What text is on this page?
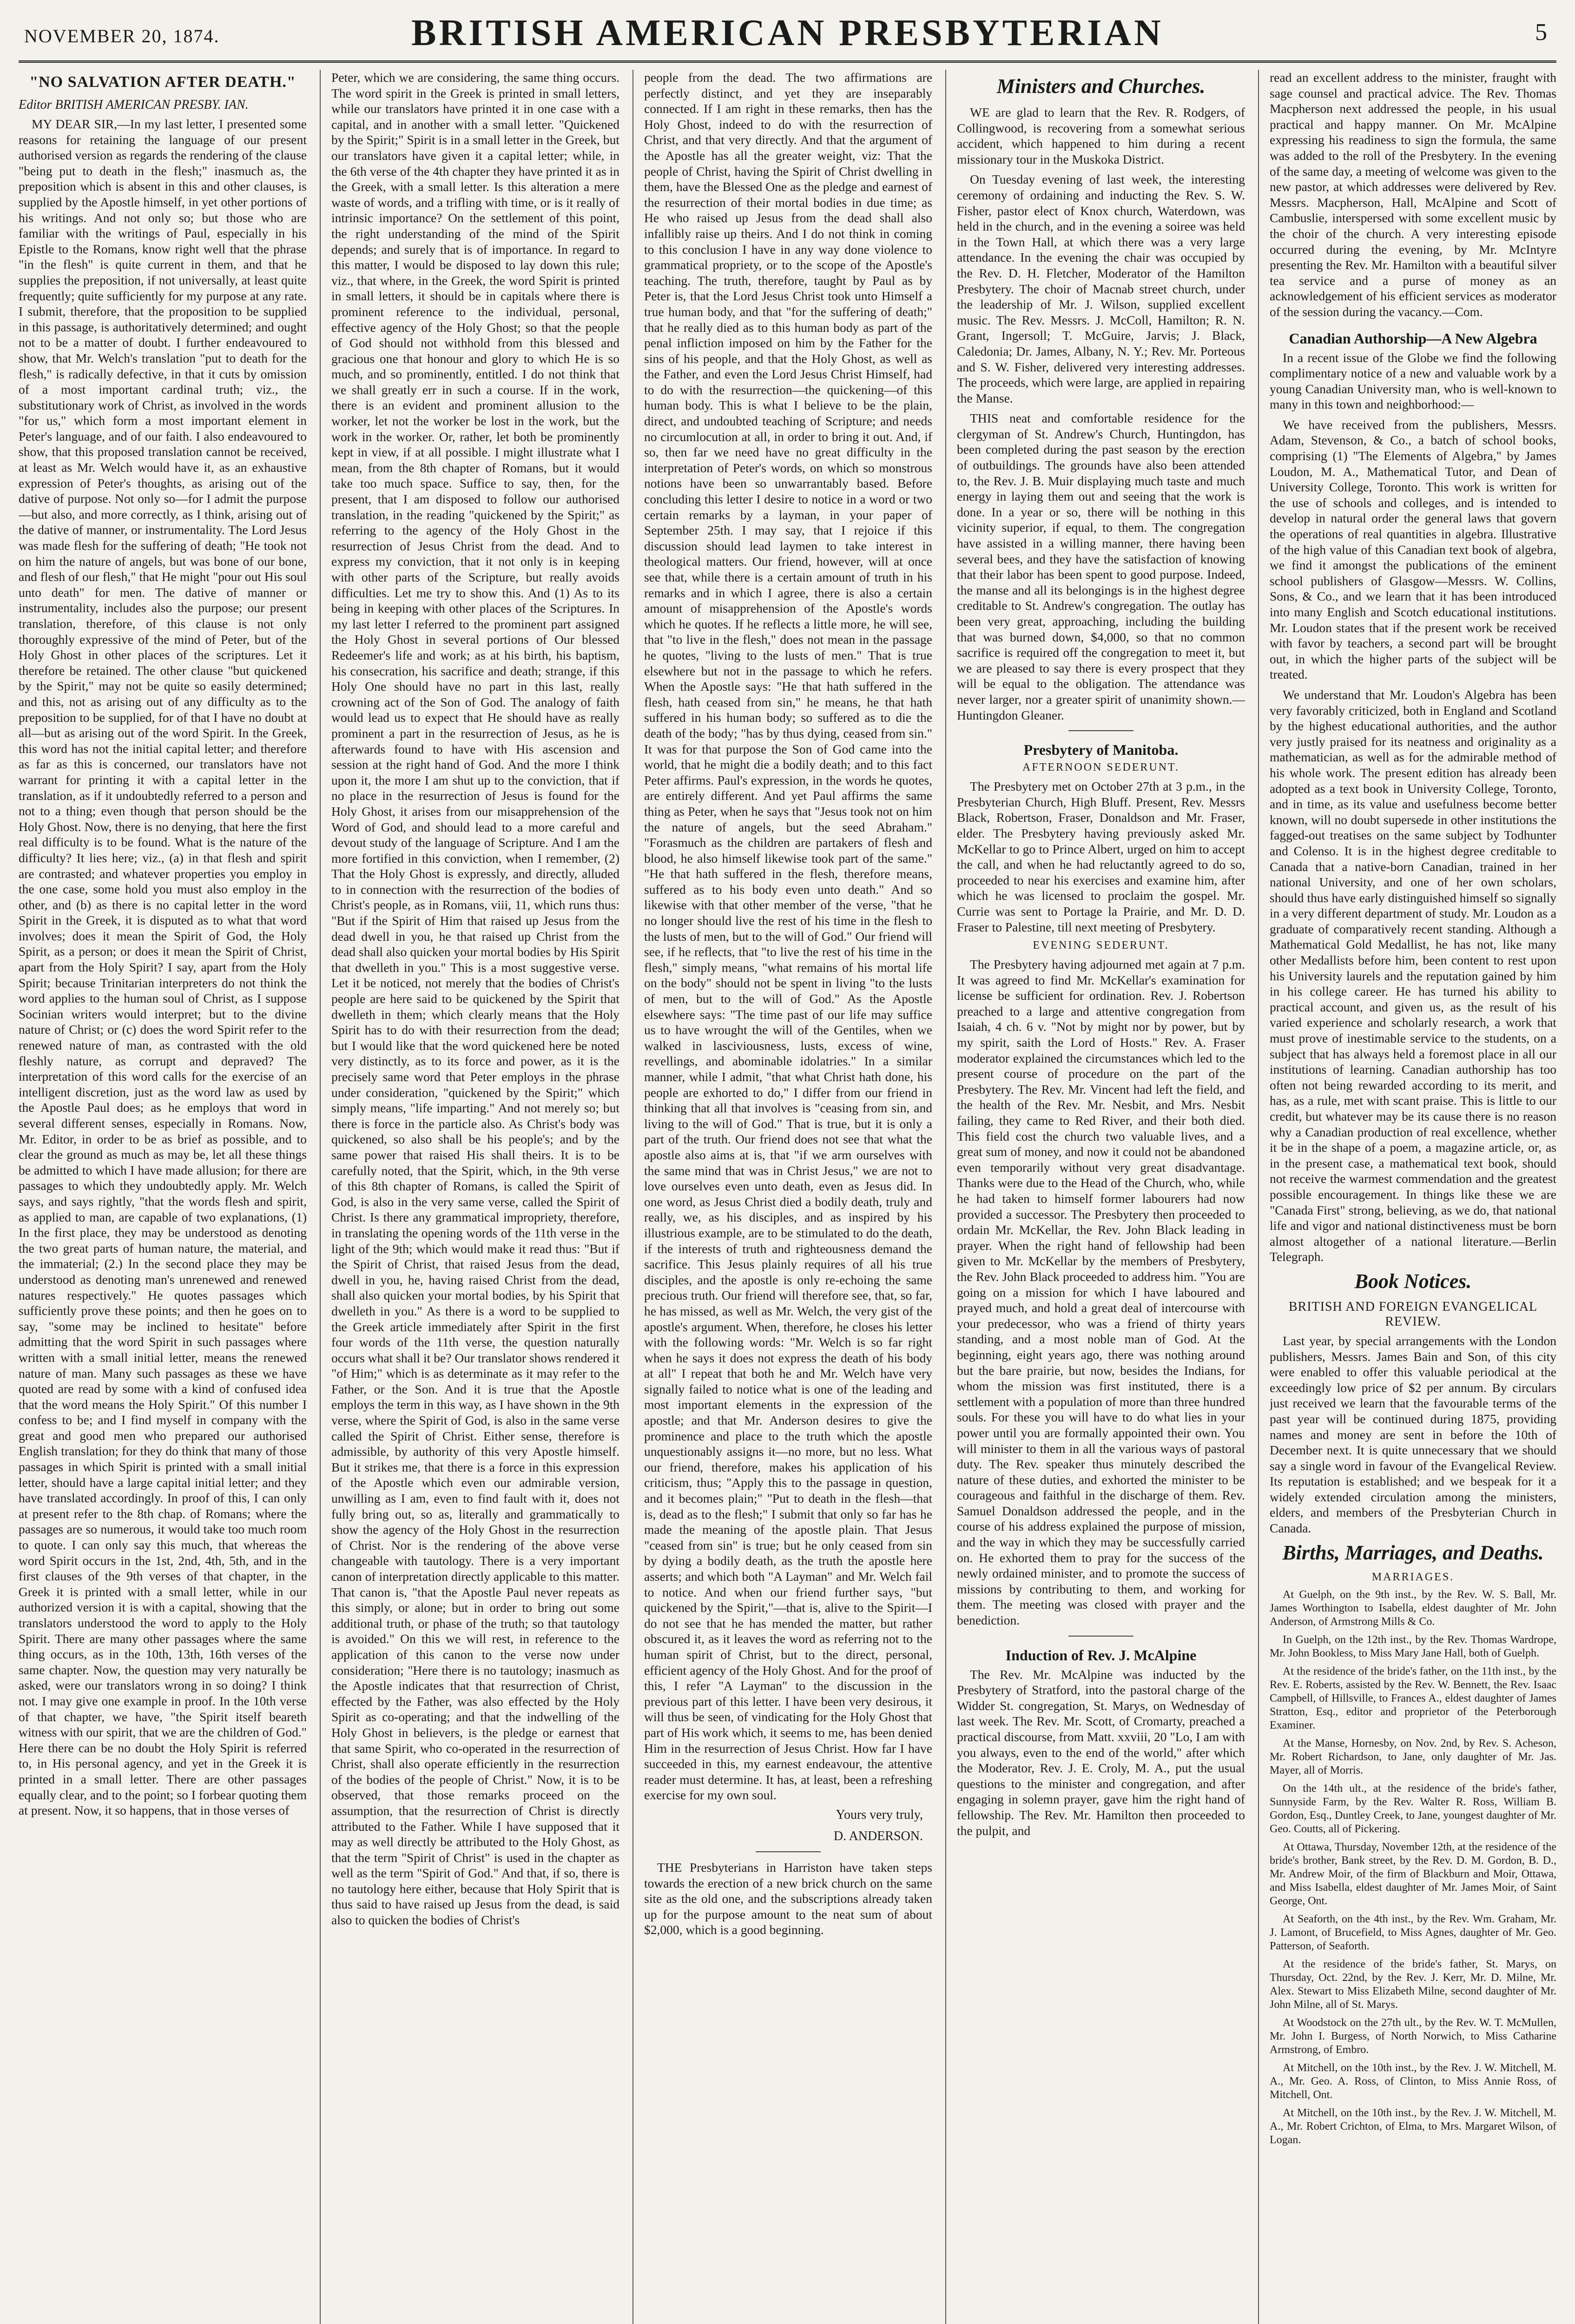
NOVEMBER 20, 1874.	BRITISH AMERICAN PRESBYTERIAN	5
"NO SALVATION AFTER DEATH."
Editor BRITISH AMERICAN PRESBY. IAN.

MY DEAR SIR,—In my last letter, I presented some reasons for retaining the language of our present authorised version as regards the rendering of the clause "being put to death in the flesh;" inasmuch as, the preposition which is absent in this and other clauses, is supplied by the Apostle himself, in yet other portions of his writings. And not only so; but those who are familiar with the writings of Paul, especially in his Epistle to the Romans, know right well that the phrase "in the flesh" is quite current in them, and that he supplies the preposition, if not universally, at least quite frequently; quite sufficiently for my purpose at any rate. I submit, therefore, that the proposition to be supplied in this passage, is authoritatively determined; and ought not to be a matter of doubt. I further endeavoured to show, that Mr. Welch's translation "put to death for the flesh," is radically defective, in that it cuts by omission of a most important cardinal truth; viz., the substitutionary work of Christ, as involved in the words "for us," which form a most important element in Peter's language, and of our faith. I also endeavoured to show, that this proposed translation cannot be received, at least as Mr. Welch would have it, as an exhaustive expression of Peter's thoughts, as arising out of the dative of purpose. Not only so—for I admit the purpose—but also, and more correctly, as I think, arising out of the dative of manner, or instrumentality. The Lord Jesus was made flesh for the suffering of death; "He took not on him the nature of angels, but was bone of our bone, and flesh of our flesh," that He might "pour out His soul unto death" for men. The dative of manner or instrumentality, includes also the purpose; our present translation, therefore, of this clause is not only thoroughly expressive of the mind of Peter, but of the Holy Ghost in other places of the scriptures. Let it therefore be retained. The other clause "but quickened by the Spirit," may not be quite so easily determined; and this, not as arising out of any difficulty as to the preposition to be supplied, for of that I have no doubt at all—but as arising out of the word Spirit. In the Greek, this word has not the initial capital letter; and therefore as far as this is concerned, our translators have not warrant for printing it with a capital letter in the translation, as if it undoubtedly referred to a person and not to a thing; even though that person should be the Holy Ghost. Now, there is no denying, that here the first real difficulty is to be found. What is the nature of the difficulty? It lies here; viz., (a) in that flesh and spirit are contrasted; and whatever properties you employ in the one case, some hold you must also employ in the other, and (b) as there is no capital letter in the word Spirit in the Greek, it is disputed as to what that word involves; does it mean the Spirit of God, the Holy Spirit, as a person; or does it mean the Spirit of Christ, apart from the Holy Spirit? I say, apart from the Holy Spirit; because Trinitarian interpreters do not think the word applies to the human soul of Christ, as I suppose Socinian writers would interpret; but to the divine nature of Christ; or (c) does the word Spirit refer to the renewed nature of man, as contrasted with the old fleshly nature, as corrupt and depraved? The interpretation of this word calls for the exercise of an intelligent discretion, just as the word law as used by the Apostle Paul does; as he employs that word in several different senses, especially in Romans. Now, Mr. Editor, in order to be as brief as possible, and to clear the ground as much as may be, let all these things be admitted to which I have made allusion; for there are passages to which they undoubtedly apply. Mr. Welch says, and says rightly, "that the words flesh and spirit, as applied to man, are capable of two explanations, (1) In the first place, they may be understood as denoting the two great parts of human nature, the material, and the immaterial; (2.) In the second place they may be understood as denoting man's unrenewed and renewed natures respectively." He quotes passages which sufficiently prove these points; and then he goes on to say, "some may be inclined to hesitate" before admitting that the word Spirit in such passages where written with a small initial letter, means the renewed nature of man. Many such passages as these we have quoted are read by some with a kind of confused idea that the word means the Holy Spirit." Of this number I confess to be; and I find myself in company with the great and good men who prepared our authorised English translation; for they do think that many of those passages in which Spirit is printed with a small initial letter, should have a large capital initial letter; and they have translated accordingly. In proof of this, I can only at present refer to the 8th chap. of Romans; where the passages are so numerous, it would take too much room to quote. I can only say this much, that whereas the word Spirit occurs in the 1st, 2nd, 4th, 5th, and in the first clauses of the 9th verses of that chapter, in the Greek it is printed with a small letter, while in our authorized version it is with a capital, showing that the translators understood the word to apply to the Holy Spirit. There are many other passages where the same thing occurs, as in the 10th, 13th, 16th verses of the same chapter. Now, the question may very naturally be asked, were our translators wrong in so doing? I think not. I may give one example in proof. In the 10th verse of that chapter, we have, "the Spirit itself beareth witness with our spirit, that we are the children of God." Here there can be no doubt the Holy Spirit is referred to, in His personal agency, and yet in the Greek it is printed in a small letter. There are other passages equally clear, and to the point; so I forbear quoting them at present. Now, it so happens, that in those verses of

Peter, which we are considering, the same thing occurs. The word spirit in the Greek is printed in small letters, while our translators have printed it in one case with a capital, and in another with a small letter. "Quickened by the Spirit;" Spirit is in a small letter in the Greek, but our translators have given it a capital letter; while, in the 6th verse of the 4th chapter they have printed it as in the Greek, with a small letter. Is this alteration a mere waste of words, and a trifling with time, or is it really of intrinsic importance? On the settlement of this point, the right understanding of the mind of the Spirit depends; and surely that is of importance. In regard to this matter, I would be disposed to lay down this rule; viz., that where, in the Greek, the word Spirit is printed in small letters, it should be in capitals where there is prominent reference to the individual, personal, effective agency of the Holy Ghost; so that the people of God should not withhold from this blessed and gracious one that honour and glory to which He is so much, and so prominently, entitled. I do not think that we shall greatly err in such a course. If in the work, there is an evident and prominent allusion to the worker, let not the worker be lost in the work, but the work in the worker. Or, rather, let both be prominently kept in view, if at all possible. I might illustrate what I mean, from the 8th chapter of Romans, but it would take too much space. Suffice to say, then, for the present, that I am disposed to follow our authorised translation, in the reading "quickened by the Spirit;" as referring to the agency of the Holy Ghost in the resurrection of Jesus Christ from the dead. And to express my conviction, that it not only is in keeping with other parts of the Scripture, but really avoids difficulties. Let me try to show this. And (1) As to its being in keeping with other places of the Scriptures. In my last letter I referred to the prominent part assigned the Holy Ghost in several portions of Our blessed Redeemer's life and work; as at his birth, his baptism, his consecration, his sacrifice and death; strange, if this Holy One should have no part in this last, really crowning act of the Son of God. The analogy of faith would lead us to expect that He should have as really prominent a part in the resurrection of Jesus, as he is afterwards found to have with His ascension and session at the right hand of God. And the more I think upon it, the more I am shut up to the conviction, that if no place in the resurrection of Jesus is found for the Holy Ghost, it arises from our misapprehension of the Word of God, and should lead to a more careful and devout study of the language of Scripture. And I am the more fortified in this conviction, when I remember, (2) That the Holy Ghost is expressly, and directly, alluded to in connection with the resurrection of the bodies of Christ's people, as in Romans, viii, 11, which runs thus: "But if the Spirit of Him that raised up Jesus from the dead dwell in you, he that raised up Christ from the dead shall also quicken your mortal bodies by His Spirit that dwelleth in you." This is a most suggestive verse. Let it be noticed, not merely that the bodies of Christ's people are here said to be quickened by the Spirit that dwelleth in them; which clearly means that the Holy Spirit has to do with their resurrection from the dead; but I would like that the word quickened here be noted very distinctly, as to its force and power, as it is the precisely same word that Peter employs in the phrase under consideration, "quickened by the Spirit;" which simply means, "life imparting." And not merely so; but there is force in the particle also. As Christ's body was quickened, so also shall be his people's; and by the same power that raised His shall theirs. It is to be carefully noted, that the Spirit, which, in the 9th verse of this 8th chapter of Romans, is called the Spirit of God, is also in the very same verse, called the Spirit of Christ. Is there any grammatical impropriety, therefore, in translating the opening words of the 11th verse in the light of the 9th; which would make it read thus: "But if the Spirit of Christ, that raised Jesus from the dead, dwell in you, he, having raised Christ from the dead, shall also quicken your mortal bodies, by his Spirit that dwelleth in you." As there is a word to be supplied to the Greek article immediately after Spirit in the first four words of the 11th verse, the question naturally occurs what shall it be? Our translator shows rendered it "of Him;" which is as determinate as it may refer to the Father, or the Son. And it is true that the Apostle employs the term in this way, as I have shown in the 9th verse, where the Spirit of God, is also in the same verse called the Spirit of Christ. Either sense, therefore is admissible, by authority of this very Apostle himself. But it strikes me, that there is a force in this expression of the Apostle which even our admirable version, unwilling as I am, even to find fault with it, does not fully bring out, so as, literally and grammatically to show the agency of the Holy Ghost in the resurrection of Christ. Nor is the rendering of the above verse changeable with tautology. There is a very important canon of interpretation directly applicable to this matter. That canon is, "that the Apostle Paul never repeats as this simply, or alone; but in order to bring out some additional truth, or phase of the truth; so that tautology is avoided." On this we will rest, in reference to the application of this canon to the verse now under consideration; "Here there is no tautology; inasmuch as the Apostle indicates that that resurrection of Christ, effected by the Father, was also effected by the Holy Spirit as co-operating; and that the indwelling of the Holy Ghost in believers, is the pledge or earnest that that same Spirit, who co-operated in the resurrection of Christ, shall also operate efficiently in the resurrection of the bodies of the people of Christ." Now, it is to be observed, that those remarks proceed on the assumption, that the resurrection of Christ is directly attributed to the Father. While I have supposed that it may as well directly be attributed to the Holy Ghost, as that the term "Spirit of Christ" is used in the chapter as well as the term "Spirit of God." And that, if so, there is no tautology here either, because that Holy Spirit that is thus said to have raised up Jesus from the dead, is said also to quicken the bodies of Christ's

people from the dead. The two affirmations are perfectly distinct, and yet they are inseparably connected. If I am right in these remarks, then has the Holy Ghost, indeed to do with the resurrection of Christ, and that very directly. And that the argument of the Apostle has all the greater weight, viz: That the people of Christ, having the Spirit of Christ dwelling in them, have the Blessed One as the pledge and earnest of the resurrection of their mortal bodies in due time; as He who raised up Jesus from the dead shall also infallibly raise up theirs. And I do not think in coming to this conclusion I have in any way done violence to grammatical propriety, or to the scope of the Apostle's teaching. The truth, therefore, taught by Paul as by Peter is, that the Lord Jesus Christ took unto Himself a true human body, and that "for the suffering of death;" that he really died as to this human body as part of the penal infliction imposed on him by the Father for the sins of his people, and that the Holy Ghost, as well as the Father, and even the Lord Jesus Christ Himself, had to do with the resurrection—the quickening—of this human body. This is what I believe to be the plain, direct, and undoubted teaching of Scripture; and needs no circumlocution at all, in order to bring it out. And, if so, then far we need have no great difficulty in the interpretation of Peter's words, on which so monstrous notions have been so unwarrantably based. Before concluding this letter I desire to notice in a word or two certain remarks by a layman, in your paper of September 25th. I may say, that I rejoice if this discussion should lead laymen to take interest in theological matters. Our friend, however, will at once see that, while there is a certain amount of truth in his remarks and in which I agree, there is also a certain amount of misapprehension of the Apostle's words which he quotes. If he reflects a little more, he will see, that "to live in the flesh," does not mean in the passage he quotes, "living to the lusts of men." That is true elsewhere but not in the passage to which he refers. When the Apostle says: "He that hath suffered in the flesh, hath ceased from sin," he means, he that hath suffered in his human body; so suffered as to die the death of the body; "has by thus dying, ceased from sin." It was for that purpose the Son of God came into the world, that he might die a bodily death; and to this fact Peter affirms. Paul's expression, in the words he quotes, are entirely different. And yet Paul affirms the same thing as Peter, when he says that "Jesus took not on him the nature of angels, but the seed Abraham." "Forasmuch as the children are partakers of flesh and blood, he also himself likewise took part of the same." "He that hath suffered in the flesh, therefore means, suffered as to his body even unto death." And so likewise with that other member of the verse, "that he no longer should live the rest of his time in the flesh to the lusts of men, but to the will of God." Our friend will see, if he reflects, that "to live the rest of his time in the flesh," simply means, "what remains of his mortal life on the body" should not be spent in living "to the lusts of men, but to the will of God." As the Apostle elsewhere says: "The time past of our life may suffice us to have wrought the will of the Gentiles, when we walked in lasciviousness, lusts, excess of wine, revellings, and abominable idolatries." In a similar manner, while I admit, "that what Christ hath done, his people are exhorted to do," I differ from our friend in thinking that all that involves is "ceasing from sin, and living to the will of God." That is true, but it is only a part of the truth. Our friend does not see that what the apostle also aims at is, that "if we arm ourselves with the same mind that was in Christ Jesus," we are not to love ourselves even unto death, even as Jesus did. In one word, as Jesus Christ died a bodily death, truly and really, we, as his disciples, and as inspired by his illustrious example, are to be stimulated to do the death, if the interests of truth and righteousness demand the sacrifice. This Jesus plainly requires of all his true disciples, and the apostle is only re-echoing the same precious truth. Our friend will therefore see, that, so far, he has missed, as well as Mr. Welch, the very gist of the apostle's argument. When, therefore, he closes his letter with the following words: "Mr. Welch is so far right when he says it does not express the death of his body at all" I repeat that both he and Mr. Welch have very signally failed to notice what is one of the leading and most important elements in the expression of the apostle; and that Mr. Anderson desires to give the prominence and place to the truth which the apostle unquestionably assigns it—no more, but no less. What our friend, therefore, makes his application of his criticism, thus; "Apply this to the passage in question, and it becomes plain;" "Put to death in the flesh—that is, dead as to the flesh;" I submit that only so far has he made the meaning of the apostle plain. That Jesus "ceased from sin" is true; but he only ceased from sin by dying a bodily death, as the truth the apostle here asserts; and which both "A Layman" and Mr. Welch fail to notice. And when our friend further says, "but quickened by the Spirit,"—that is, alive to the Spirit—I do not see that he has mended the matter, but rather obscured it, as it leaves the word as referring not to the human spirit of Christ, but to the direct, personal, efficient agency of the Holy Ghost. And for the proof of this, I refer "A Layman" to the discussion in the previous part of this letter. I have been very desirous, it will thus be seen, of vindicating for the Holy Ghost that part of His work which, it seems to me, has been denied Him in the resurrection of Jesus Christ. How far I have succeeded in this, my earnest endeavour, the attentive reader must determine. It has, at least, been a refreshing exercise for my own soul.

Yours very truly,
D. ANDERSON.

THE Presbyterians in Harriston have taken steps towards the erection of a new brick church on the same site as the old one, and the subscriptions already taken up for the purpose amount to the neat sum of about $2,000, which is a good beginning.

Ministers and Churches.

WE are glad to learn that the Rev. R. Rodgers, of Collingwood, is recovering from a somewhat serious accident, which happened to him during a recent missionary tour in the Muskoka District.

On Tuesday evening of last week, the interesting ceremony of ordaining and inducting the Rev. S. W. Fisher, pastor elect of Knox church, Waterdown, was held in the church, and in the evening a soiree was held in the Town Hall, at which there was a very large attendance. In the evening the chair was occupied by the Rev. D. H. Fletcher, Moderator of the Hamilton Presbytery. The choir of Macnab street church, under the leadership of Mr. J. Wilson, supplied excellent music. The Rev. Messrs. J. McColl, Hamilton; R. N. Grant, Ingersoll; T. McGuire, Jarvis; J. Black, Caledonia; Dr. James, Albany, N. Y.; Rev. Mr. Porteous and S. W. Fisher, delivered very interesting addresses. The proceeds, which were large, are applied in repairing the Manse.

THIS neat and comfortable residence for the clergyman of St. Andrew's Church, Huntingdon, has been completed during the past season by the erection of outbuildings. The grounds have also been attended to, the Rev. J. B. Muir displaying much taste and much energy in laying them out and seeing that the work is done. In a year or so, there will be nothing in this vicinity superior, if equal, to them. The congregation have assisted in a willing manner, there having been several bees, and they have the satisfaction of knowing that their labor has been spent to good purpose. Indeed, the manse and all its belongings is in the highest degree creditable to St. Andrew's congregation. The outlay has been very great, approaching, including the building that was burned down, $4,000, so that no common sacrifice is required off the congregation to meet it, but we are pleased to say there is every prospect that they will be equal to the obligation. The attendance was never larger, nor a greater spirit of unanimity shown.—Huntingdon Gleaner.

Presbytery of Manitoba.
AFTERNOON SEDERUNT.

The Presbytery met on October 27th at 3 p.m., in the Presbyterian Church, High Bluff. Present, Rev. Messrs Black, Robertson, Fraser, Donaldson and Mr. Fraser, elder. The Presbytery having previously asked Mr. McKellar to go to Prince Albert, urged on him to accept the call, and when he had reluctantly agreed to do so, proceeded to near his exercises and examine him, after which he was licensed to proclaim the gospel. Mr. Currie was sent to Portage la Prairie, and Mr. D. D. Fraser to Palestine, till next meeting of Presbytery.

EVENING SEDERUNT.

The Presbytery having adjourned met again at 7 p.m. It was agreed to find Mr. McKellar's examination for license be sufficient for ordination. Rev. J. Robertson preached to a large and attentive congregation from Isaiah, 4 ch. 6 v. "Not by might nor by power, but by my spirit, saith the Lord of Hosts." Rev. A. Fraser moderator explained the circumstances which led to the present course of procedure on the part of the Presbytery. The Rev. Mr. Vincent had left the field, and the health of the Rev. Mr. Nesbit, and Mrs. Nesbit failing, they came to Red River, and their both died. This field cost the church two valuable lives, and a great sum of money, and now it could not be abandoned even temporarily without very great disadvantage. Thanks were due to the Head of the Church, who, while he had taken to himself former labourers had now provided a successor. The Presbytery then proceeded to ordain Mr. McKellar, the Rev. John Black leading in prayer. When the right hand of fellowship had been given to Mr. McKellar by the members of Presbytery, the Rev. John Black proceeded to address him. "You are going on a mission for which I have laboured and prayed much, and hold a great deal of intercourse with your predecessor, who was a friend of thirty years standing, and a most noble man of God. At the beginning, eight years ago, there was nothing around but the bare prairie, but now, besides the Indians, for whom the mission was first instituted, there is a settlement with a population of more than three hundred souls. For these you will have to do what lies in your power until you are formally appointed their own. You will minister to them in all the various ways of pastoral duty. The Rev. speaker thus minutely described the nature of these duties, and exhorted the minister to be courageous and faithful in the discharge of them. Rev. Samuel Donaldson addressed the people, and in the course of his address explained the purpose of mission, and the way in which they may be successfully carried on. He exhorted them to pray for the success of the newly ordained minister, and to promote the success of missions by contributing to them, and working for them. The meeting was closed with prayer and the benediction.

Induction of Rev. J. McAlpine

The Rev. Mr. McAlpine was inducted by the Presbytery of Stratford, into the pastoral charge of the Widder St. congregation, St. Marys, on Wednesday of last week. The Rev. Mr. Scott, of Cromarty, preached a practical discourse, from Matt. xxviii, 20 "Lo, I am with you always, even to the end of the world," after which the Moderator, Rev. J. E. Croly, M. A., put the usual questions to the minister and congregation, and after engaging in solemn prayer, gave him the right hand of fellowship. The Rev. Mr. Hamilton then proceeded to the pulpit, and

read an excellent address to the minister, fraught with sage counsel and practical advice. The Rev. Thomas Macpherson next addressed the people, in his usual practical and happy manner. On Mr. McAlpine expressing his readiness to sign the formula, the same was added to the roll of the Presbytery. In the evening of the same day, a meeting of welcome was given to the new pastor, at which addresses were delivered by Rev. Messrs. Macpherson, Hall, McAlpine and Scott of Cambuslie, interspersed with some excellent music by the choir of the church. A very interesting episode occurred during the evening, by Mr. McIntyre presenting the Rev. Mr. Hamilton with a beautiful silver tea service and a purse of money as an acknowledgement of his efficient services as moderator of the session during the vacancy.—Com.

Canadian Authorship—A New Algebra

In a recent issue of the Globe we find the following complimentary notice of a new and valuable work by a young Canadian University man, who is well-known to many in this town and neighborhood:—

We have received from the publishers, Messrs. Adam, Stevenson, & Co., a batch of school books, comprising (1) "The Elements of Algebra," by James Loudon, M. A., Mathematical Tutor, and Dean of University College, Toronto. This work is written for the use of schools and colleges, and is intended to develop in natural order the general laws that govern the operations of real quantities in algebra. Illustrative of the high value of this Canadian text book of algebra, we find it amongst the publications of the eminent school publishers of Glasgow—Messrs. W. Collins, Sons, & Co., and we learn that it has been introduced into many English and Scotch educational institutions. Mr. Loudon states that if the present work be received with favor by teachers, a second part will be brought out, in which the higher parts of the subject will be treated.

We understand that Mr. Loudon's Algebra has been very favorably criticized, both in England and Scotland by the highest educational authorities, and the author very justly praised for its neatness and originality as a mathematician, as well as for the admirable method of his whole work. The present edition has already been adopted as a text book in University College, Toronto, and in time, as its value and usefulness become better known, will no doubt supersede in other institutions the fagged-out treatises on the same subject by Todhunter and Colenso. It is in the highest degree creditable to Canada that a native-born Canadian, trained in her national University, and one of her own scholars, should thus have early distinguished himself so signally in a very different department of study. Mr. Loudon as a graduate of comparatively recent standing. Although a Mathematical Gold Medallist, he has not, like many other Medallists before him, been content to rest upon his University laurels and the reputation gained by him in his college career. He has turned his ability to practical account, and given us, as the result of his varied experience and scholarly research, a work that must prove of inestimable service to the students, on a subject that has always held a foremost place in all our institutions of learning. Canadian authorship has too often not being rewarded according to its merit, and has, as a rule, met with scant praise. This is little to our credit, but whatever may be its cause there is no reason why a Canadian production of real excellence, whether it be in the shape of a poem, a magazine article, or, as in the present case, a mathematical text book, should not receive the warmest commendation and the greatest possible encouragement. In things like these we are "Canada First" strong, believing, as we do, that national life and vigor and national distinctiveness must be born almost altogether of a national literature.—Berlin Telegraph.

Book Notices.
BRITISH AND FOREIGN EVANGELICAL REVIEW.

Last year, by special arrangements with the London publishers, Messrs. James Bain and Son, of this city were enabled to offer this valuable periodical at the exceedingly low price of $2 per annum. By circulars just received we learn that the favourable terms of the past year will be continued during 1875, providing names and money are sent in before the 10th of December next. It is quite unnecessary that we should say a single word in favour of the Evangelical Review. Its reputation is established; and we bespeak for it a widely extended circulation among the ministers, elders, and members of the Presbyterian Church in Canada.

Births, Marriages, and Deaths.
MARRIAGES.

At Guelph, on the 9th inst., by the Rev. W. S. Ball, Mr. James Worthington to Isabella, eldest daughter of Mr. John Anderson, of Armstrong Mills & Co.

In Guelph, on the 12th inst., by the Rev. Thomas Wardrope, Mr. John Bookless, to Miss Mary Jane Hall, both of Guelph.

At the residence of the bride's father, on the 11th inst., by the Rev. E. Roberts, assisted by the Rev. W. Bennett, the Rev. Isaac Campbell, of Hillsville, to Frances A., eldest daughter of James Stratton, Esq., editor and proprietor of the Peterborough Examiner.

At the Manse, Hornesby, on Nov. 2nd, by Rev. S. Acheson, Mr. Robert Richardson, to Jane, only daughter of Mr. Jas. Mayer, all of Morris.

On the 14th ult., at the residence of the bride's father, Sunnyside Farm, by the Rev. Walter R. Ross, William B. Gordon, Esq., Duntley Creek, to Jane, youngest daughter of Mr. Geo. Coutts, all of Pickering.

At Ottawa, Thursday, November 12th, at the residence of the bride's brother, Bank street, by the Rev. D. M. Gordon, B. D., Mr. Andrew Moir, of the firm of Blackburn and Moir, Ottawa, and Miss Isabella, eldest daughter of Mr. James Moir, of Saint George, Ont.

At Seaforth, on the 4th inst., by the Rev. Wm. Graham, Mr. J. Lamont, of Brucefield, to Miss Agnes, daughter of Mr. Geo. Patterson, of Seaforth.

At the residence of the bride's father, St. Marys, on Thursday, Oct. 22nd, by the Rev. J. Kerr, Mr. D. Milne, Mr. Alex. Stewart to Miss Elizabeth Milne, second daughter of Mr. John Milne, all of St. Marys.

At Woodstock on the 27th ult., by the Rev. W. T. McMullen, Mr. John I. Burgess, of North Norwich, to Miss Catharine Armstrong, of Embro.

At Mitchell, on the 10th inst., by the Rev. J. W. Mitchell, M. A., Mr. Geo. A. Ross, of Clinton, to Miss Annie Ross, of Mitchell, Ont.

At Mitchell, on the 10th inst., by the Rev. J. W. Mitchell, M. A., Mr. Robert Crichton, of Elma, to Mrs. Margaret Wilson, of Logan.
